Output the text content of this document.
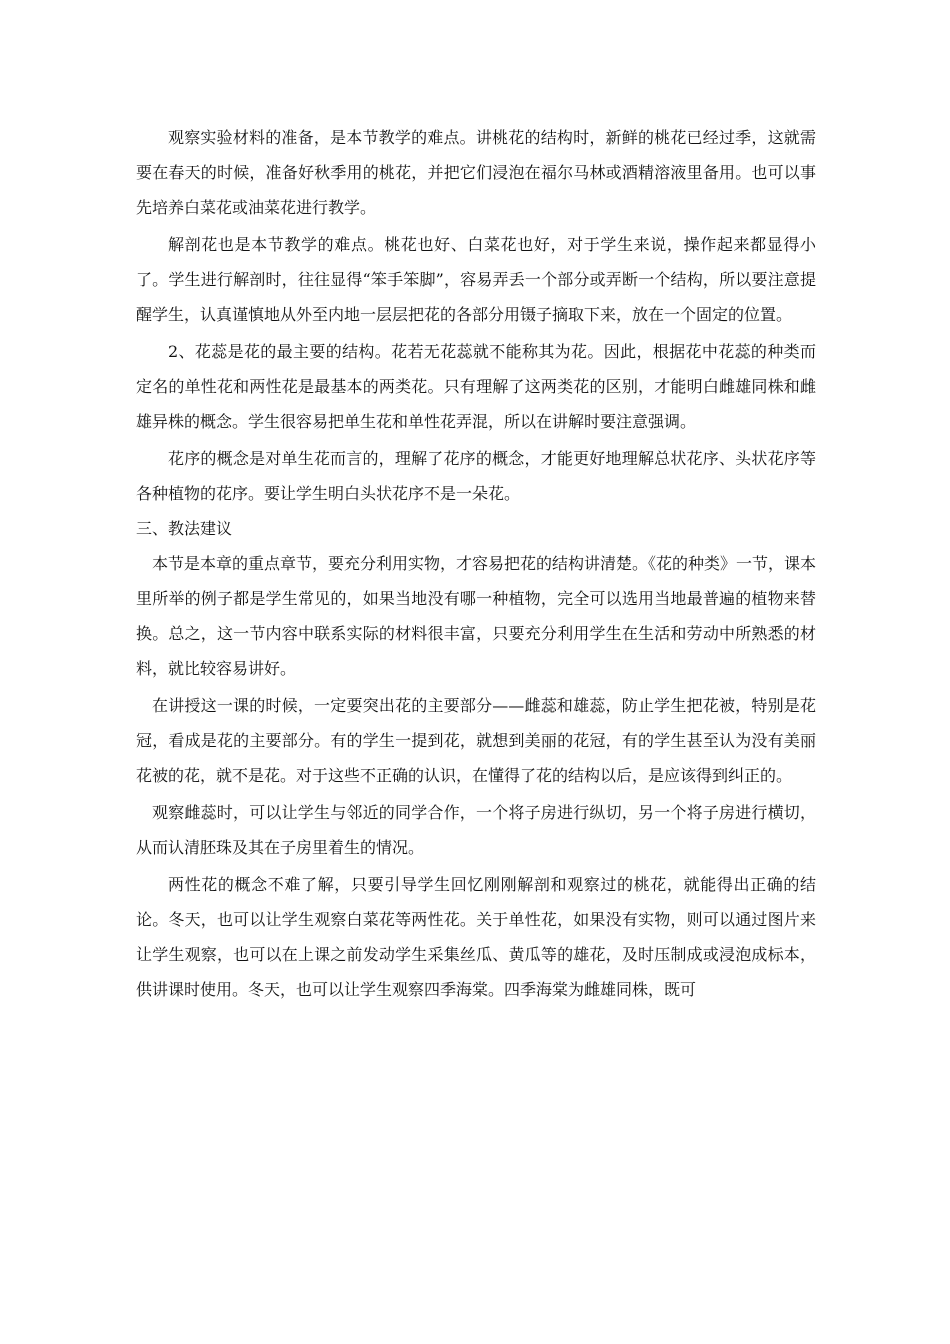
观察实验材料的准备，是本节教学的难点。讲桃花的结构时，新鲜的桃花已经过季，这就需要在春天的时候，准备好秋季用的桃花，并把它们浸泡在福尔马林或酒精溶液里备用。也可以事先培养白菜花或油菜花进行教学。

解剖花也是本节教学的难点。桃花也好、白菜花也好，对于学生来说，操作起来都显得小了。学生进行解剖时，往往显得“笨手笨脚”，容易弄丢一个部分或弄断一个结构，所以要注意提醒学生，认真谨慎地从外至内地一层层把花的各部分用镊子摘取下来，放在一个固定的位置。

2、花蕊是花的最主要的结构。花若无花蕊就不能称其为花。因此，根据花中花蕊的种类而定名的单性花和两性花是最基本的两类花。只有理解了这两类花的区别，才能明白雌雄同株和雌雄异株的概念。学生很容易把单生花和单性花弄混，所以在讲解时要注意强调。

花序的概念是对单生花而言的，理解了花序的概念，才能更好地理解总状花序、头状花序等各种植物的花序。要让学生明白头状花序不是一朵花。

三、教法建议

本节是本章的重点章节，要充分利用实物，才容易把花的结构讲清楚。《花的种类》一节，课本里所举的例子都是学生常见的，如果当地没有哪一种植物，完全可以选用当地最普遍的植物来替换。总之，这一节内容中联系实际的材料很丰富，只要充分利用学生在生活和劳动中所熟悉的材料，就比较容易讲好。

在讲授这一课的时候，一定要突出花的主要部分——雌蕊和雄蕊，防止学生把花被，特别是花冠，看成是花的主要部分。有的学生一提到花，就想到美丽的花冠，有的学生甚至认为没有美丽花被的花，就不是花。对于这些不正确的认识，在懂得了花的结构以后，是应该得到纠正的。

观察雌蕊时，可以让学生与邻近的同学合作，一个将子房进行纵切，另一个将子房进行横切，从而认清胚珠及其在子房里着生的情况。

两性花的概念不难了解，只要引导学生回忆刚刚解剖和观察过的桃花，就能得出正确的结论。冬天，也可以让学生观察白菜花等两性花。关于单性花，如果没有实物，则可以通过图片来让学生观察，也可以在上课之前发动学生采集丝瓜、黄瓜等的雄花，及时压制成或浸泡成标本，供讲课时使用。冬天，也可以让学生观察四季海棠。四季海棠为雌雄同株，既可
